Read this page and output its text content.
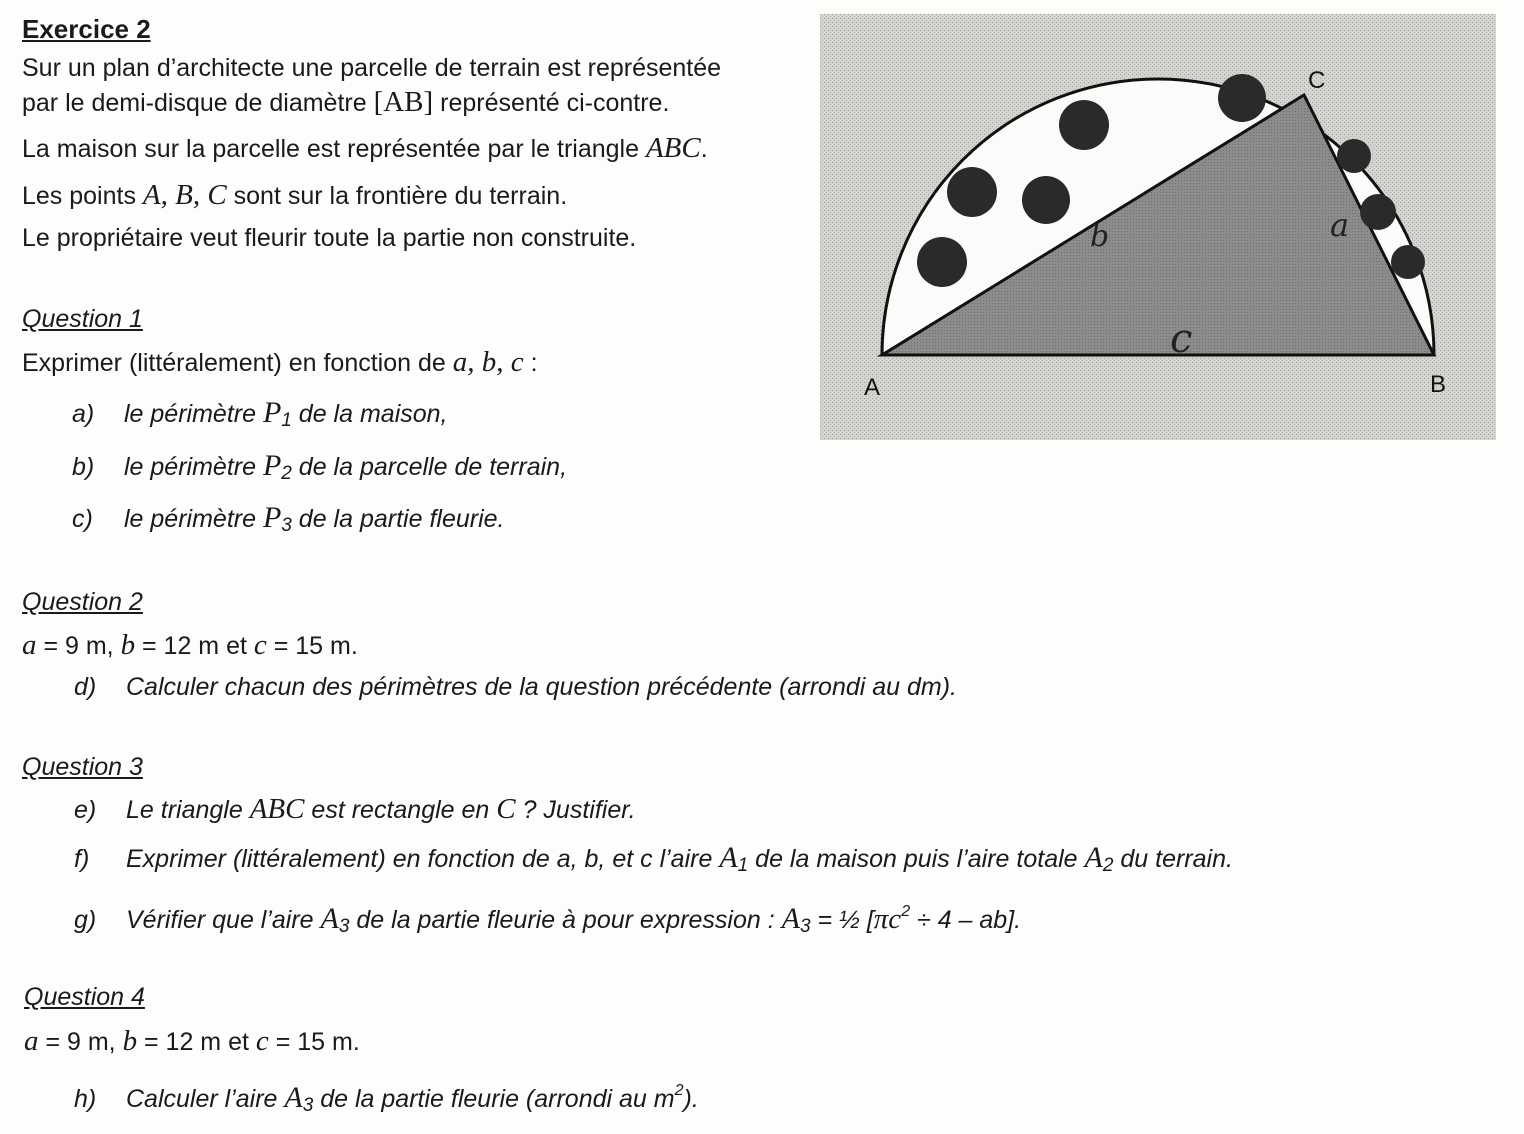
Exercice 2
Sur un plan d’architecte une parcelle de terrain est représentée
par le demi-disque de diamètre [AB] représenté ci-contre.
La maison sur la parcelle est représentée par le triangle ABC.
Les points A, B, C sont sur la frontière du terrain.
Le propriétaire veut fleurir toute la partie non construite.
Question 1
Exprimer (littéralement) en fonction de a, b, c :
a) le périmètre $P_1$ de la maison,
b) le périmètre $P_2$ de la parcelle de terrain,
c) le périmètre $P_3$ de la partie fleurie.
Question 2
a = 9 m, b = 12 m et c = 15 m.
d) Calculer chacun des périmètres de la question précédente (arrondi au dm).
Question 3
e) Le triangle ABC est rectangle en C ? Justifier.
f) Exprimer (littéralement) en fonction de a, b, et c l’aire $A_1$ de la maison puis l’aire totale $A_2$ du terrain.
g) Vérifier que l’aire $A_3$ de la partie fleurie à pour expression : $A_3$ = ½ $[\pi c^2 \div 4 - ab]$.
Question 4
a = 9 m, b = 12 m et c = 15 m.
h) Calculer l’aire $A_3$ de la partie fleurie (arrondi au $m^2$).
A	B
C
b	a
c
